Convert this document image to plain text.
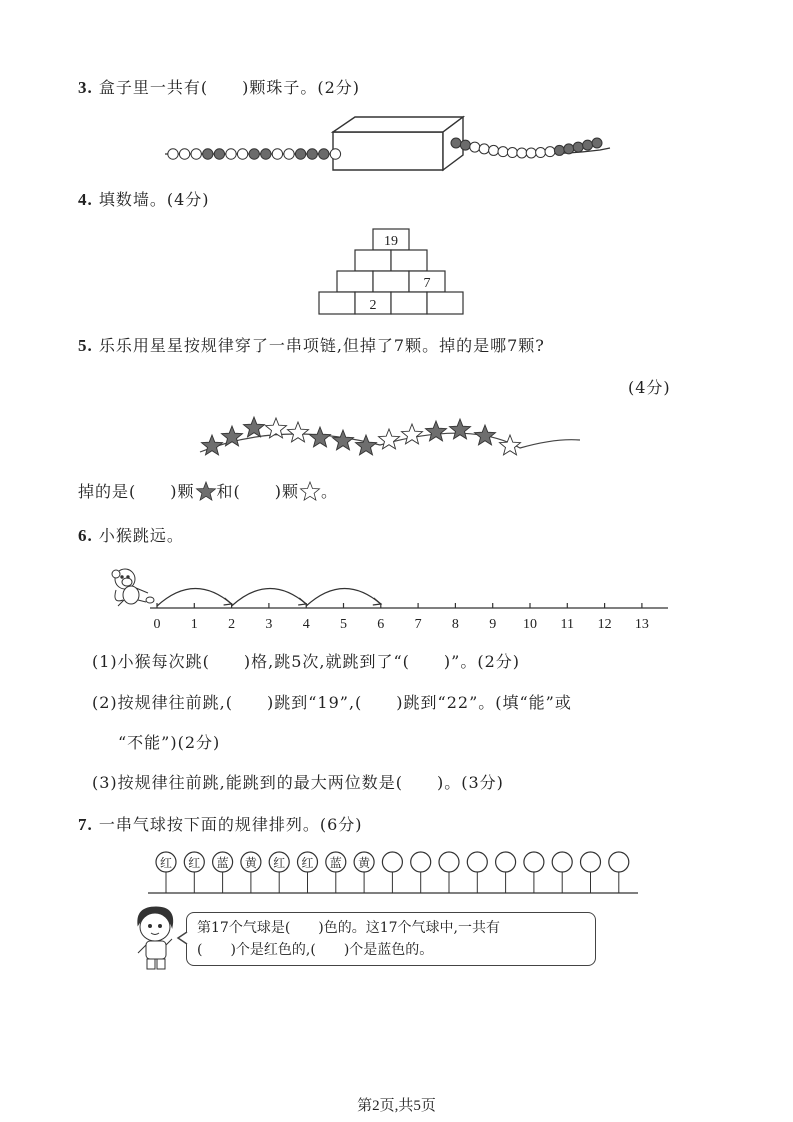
3. 盒子里一共有(　　)颗珠子。(2分)
4. 填数墙。(4分)
19
7
2
5. 乐乐用星星按规律穿了一串项链,但掉了7颗。掉的是哪7颗?
(4分)
掉的是(　　)颗 和(　　)颗 。
6. 小猴跳远。
0 1 2 3 4 5 6 7 8 9 10 11 12 13
(1)小猴每次跳(　　)格,跳5次,就跳到了“(　　)”。(2分)
(2)按规律往前跳,(　　)跳到“19”,(　　)跳到“22”。(填“能”或
“不能”)(2分)
(3)按规律往前跳,能跳到的最大两位数是(　　)。(3分)
7. 一串气球按下面的规律排列。(6分)
红 红 蓝 黄 红 红 蓝 黄
第17个气球是(　　)色的。这17个气球中,一共有
(　　)个是红色的,(　　)个是蓝色的。
第2页,共5页
